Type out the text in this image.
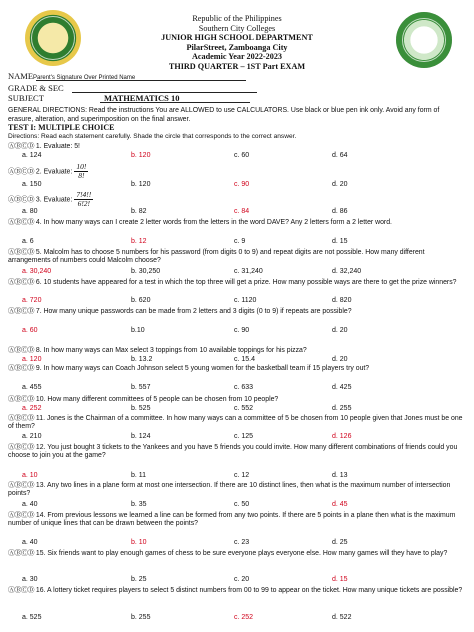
Republic of the Philippines
Southern City Colleges
JUNIOR HIGH SCHOOL DEPARTMENT
PilarStreet, Zamboanga City
Academic Year 2022-2023
THIRD QUARTER – 1ST Part EXAM
NAMEParent's Signature Over Printed Name
GRADE & SEC
SUBJECT	MATHEMATICS 10
GENERAL DIRECTIONS: Read the instructions You are ALLOWED to use CALCULATORS. Use black or blue pen ink only. Avoid any form of erasure, alteration, and superimposition on the final answer.
TEST I: MULTIPLE CHOICE
Directions: Read each statement carefully. Shade the circle that corresponds to the correct answer.
ⒶⒷⒸⒹ 1. Evaluate: 5!
a. 124	b. 120	c. 60	d. 64
ⒶⒷⒸⒹ 2. Evaluate: $\frac{10!}{8!}$
a. 150	b. 120	c. 90	d. 20
ⒶⒷⒸⒹ 3. Evaluate: $\frac{7!4!!}{6!2!}$
a. 80	b. 82	c. 84	d. 86
ⒶⒷⒸⒹ 4. In how many ways can I create 2 letter words from the letters in the word DAVE? Any 2 letters form a 2 letter word.
a. 6	b. 12	c. 9	d. 15
ⒶⒷⒸⒹ 5. Malcolm has to choose 5 numbers for his password (from digits 0 to 9) and repeat digits are not possible. How many different arrangements of numbers could Malcolm choose?
a. 30,240	b. 30,250	c. 31,240	d. 32,240
ⒶⒷⒸⒹ 6. 10 students have appeared for a test in which the top three will get a prize. How many possible ways are there to get the prize winners?
a. 720	b. 620	c. 1120	d. 820
ⒶⒷⒸⒹ 7. How many unique passwords can be made from 2 letters and 3 digits (0 to 9) if repeats are possible?
a. 60	b.10	c. 90	d. 20
ⒶⒷⒸⒹ 8. In how many ways can Max select 3 toppings from 10 available toppings for his pizza?
a. 120	b. 13.2	c. 15.4	d. 20
ⒶⒷⒸⒹ 9. In how many ways can Coach Johnson select 5 young women for the basketball team if 15 players try out?
a. 455	b. 557	c. 633	d. 425
ⒶⒷⒸⒹ 10. How many different committees of 5 people can be chosen from 10 people?
a. 252	b. 525	c. 552	d. 255
ⒶⒷⒸⒹ 11. Jones is the Chairman of a committee. In how many ways can a committee of 5 be chosen from 10 people given that Jones must be one of them?
a. 210	b. 124	c. 125	d. 126
ⒶⒷⒸⒹ 12. You just bought 3 tickets to the Yankees and you have 5 friends you could invite. How many different combinations of friends could you choose to join you at the game?
a. 10	b. 11	c. 12	d. 13
ⒶⒷⒸⒹ 13. Any two lines in a plane form at most one intersection. If there are 10 distinct lines, then what is the maximum number of intersection points?
a. 40	b. 35	c. 50	d. 45
ⒶⒷⒸⒹ 14. From previous lessons we learned a line can be formed from any two points. If there are 5 points in a plane then what is the maximum number of unique lines that can be drawn between the points?
a. 40	b. 10	c. 23	d. 25
ⒶⒷⒸⒹ 15. Six friends want to play enough games of chess to be sure everyone plays everyone else. How many games will they have to play?
a. 30	b. 25	c. 20	d. 15
ⒶⒷⒸⒹ 16. A lottery ticket requires players to select 5 distinct numbers from 00 to 99 to appear on the ticket. How many unique tickets are possible?
a. 525	b. 255	c. 252	d. 522
